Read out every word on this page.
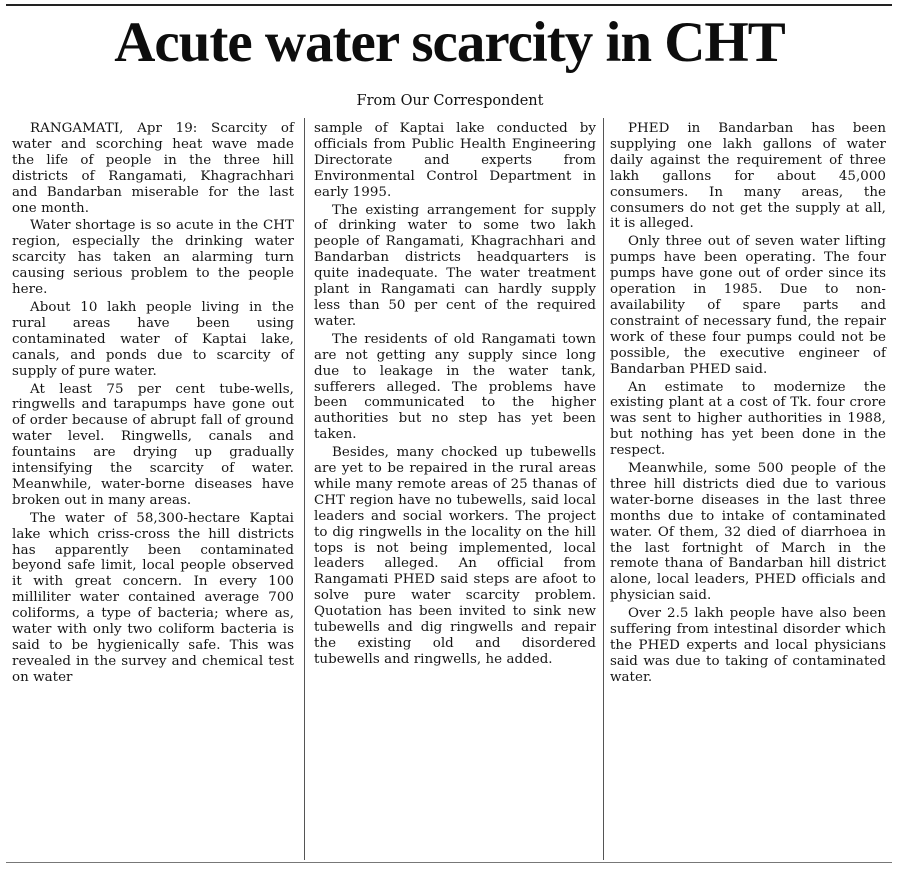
Acute water scarcity in CHT
From Our Correspondent

RANGAMATI, Apr 19: Scarcity of water and scorching heat wave made the life of people in the three hill districts of Rangamati, Khagrachhari and Bandarban miserable for the last one month.

Water shortage is so acute in the CHT region, especially the drinking water scarcity has taken an alarming turn causing serious problem to the people here.

About 10 lakh people living in the rural areas have been using contaminated water of Kaptai lake, canals, and ponds due to scarcity of supply of pure water.

At least 75 per cent tube-wells, ringwells and tarapumps have gone out of order because of abrupt fall of ground water level. Ringwells, canals and fountains are drying up gradually intensifying the scarcity of water. Meanwhile, water-borne diseases have broken out in many areas.

The water of 58,300-hectare Kaptai lake which criss-cross the hill districts has apparently been contaminated beyond safe limit, local people observed it with great concern. In every 100 milliliter water contained average 700 coliforms, a type of bacteria; where as, water with only two coliform bacteria is said to be hygienically safe. This was revealed in the survey and chemical test on water

sample of Kaptai lake conducted by officials from Public Health Engineering Directorate and experts from Environmental Control Department in early 1995.

The existing arrangement for supply of drinking water to some two lakh people of Rangamati, Khagrachhari and Bandarban districts headquarters is quite inadequate. The water treatment plant in Rangamati can hardly supply less than 50 per cent of the required water.

The residents of old Rangamati town are not getting any supply since long due to leakage in the water tank, sufferers alleged. The problems have been communicated to the higher authorities but no step has yet been taken.

Besides, many chocked up tubewells are yet to be repaired in the rural areas while many remote areas of 25 thanas of CHT region have no tubewells, said local leaders and social workers. The project to dig ringwells in the locality on the hill tops is not being implemented, local leaders alleged. An official from Rangamati PHED said steps are afoot to solve pure water scarcity problem. Quotation has been invited to sink new tubewells and dig ringwells and repair the existing old and disordered tubewells and ringwells, he added.

PHED in Bandarban has been supplying one lakh gallons of water daily against the requirement of three lakh gallons for about 45,000 consumers. In many areas, the consumers do not get the supply at all, it is alleged.

Only three out of seven water lifting pumps have been operating. The four pumps have gone out of order since its operation in 1985. Due to non-availability of spare parts and constraint of necessary fund, the repair work of these four pumps could not be possible, the executive engineer of Bandarban PHED said.

An estimate to modernize the existing plant at a cost of Tk. four crore was sent to higher authorities in 1988, but nothing has yet been done in the respect.

Meanwhile, some 500 people of the three hill districts died due to various water-borne diseases in the last three months due to intake of contaminated water. Of them, 32 died of diarrhoea in the last fortnight of March in the remote thana of Bandarban hill district alone, local leaders, PHED officials and physician said.

Over 2.5 lakh people have also been suffering from intestinal disorder which the PHED experts and local physicians said was due to taking of contaminated water.
